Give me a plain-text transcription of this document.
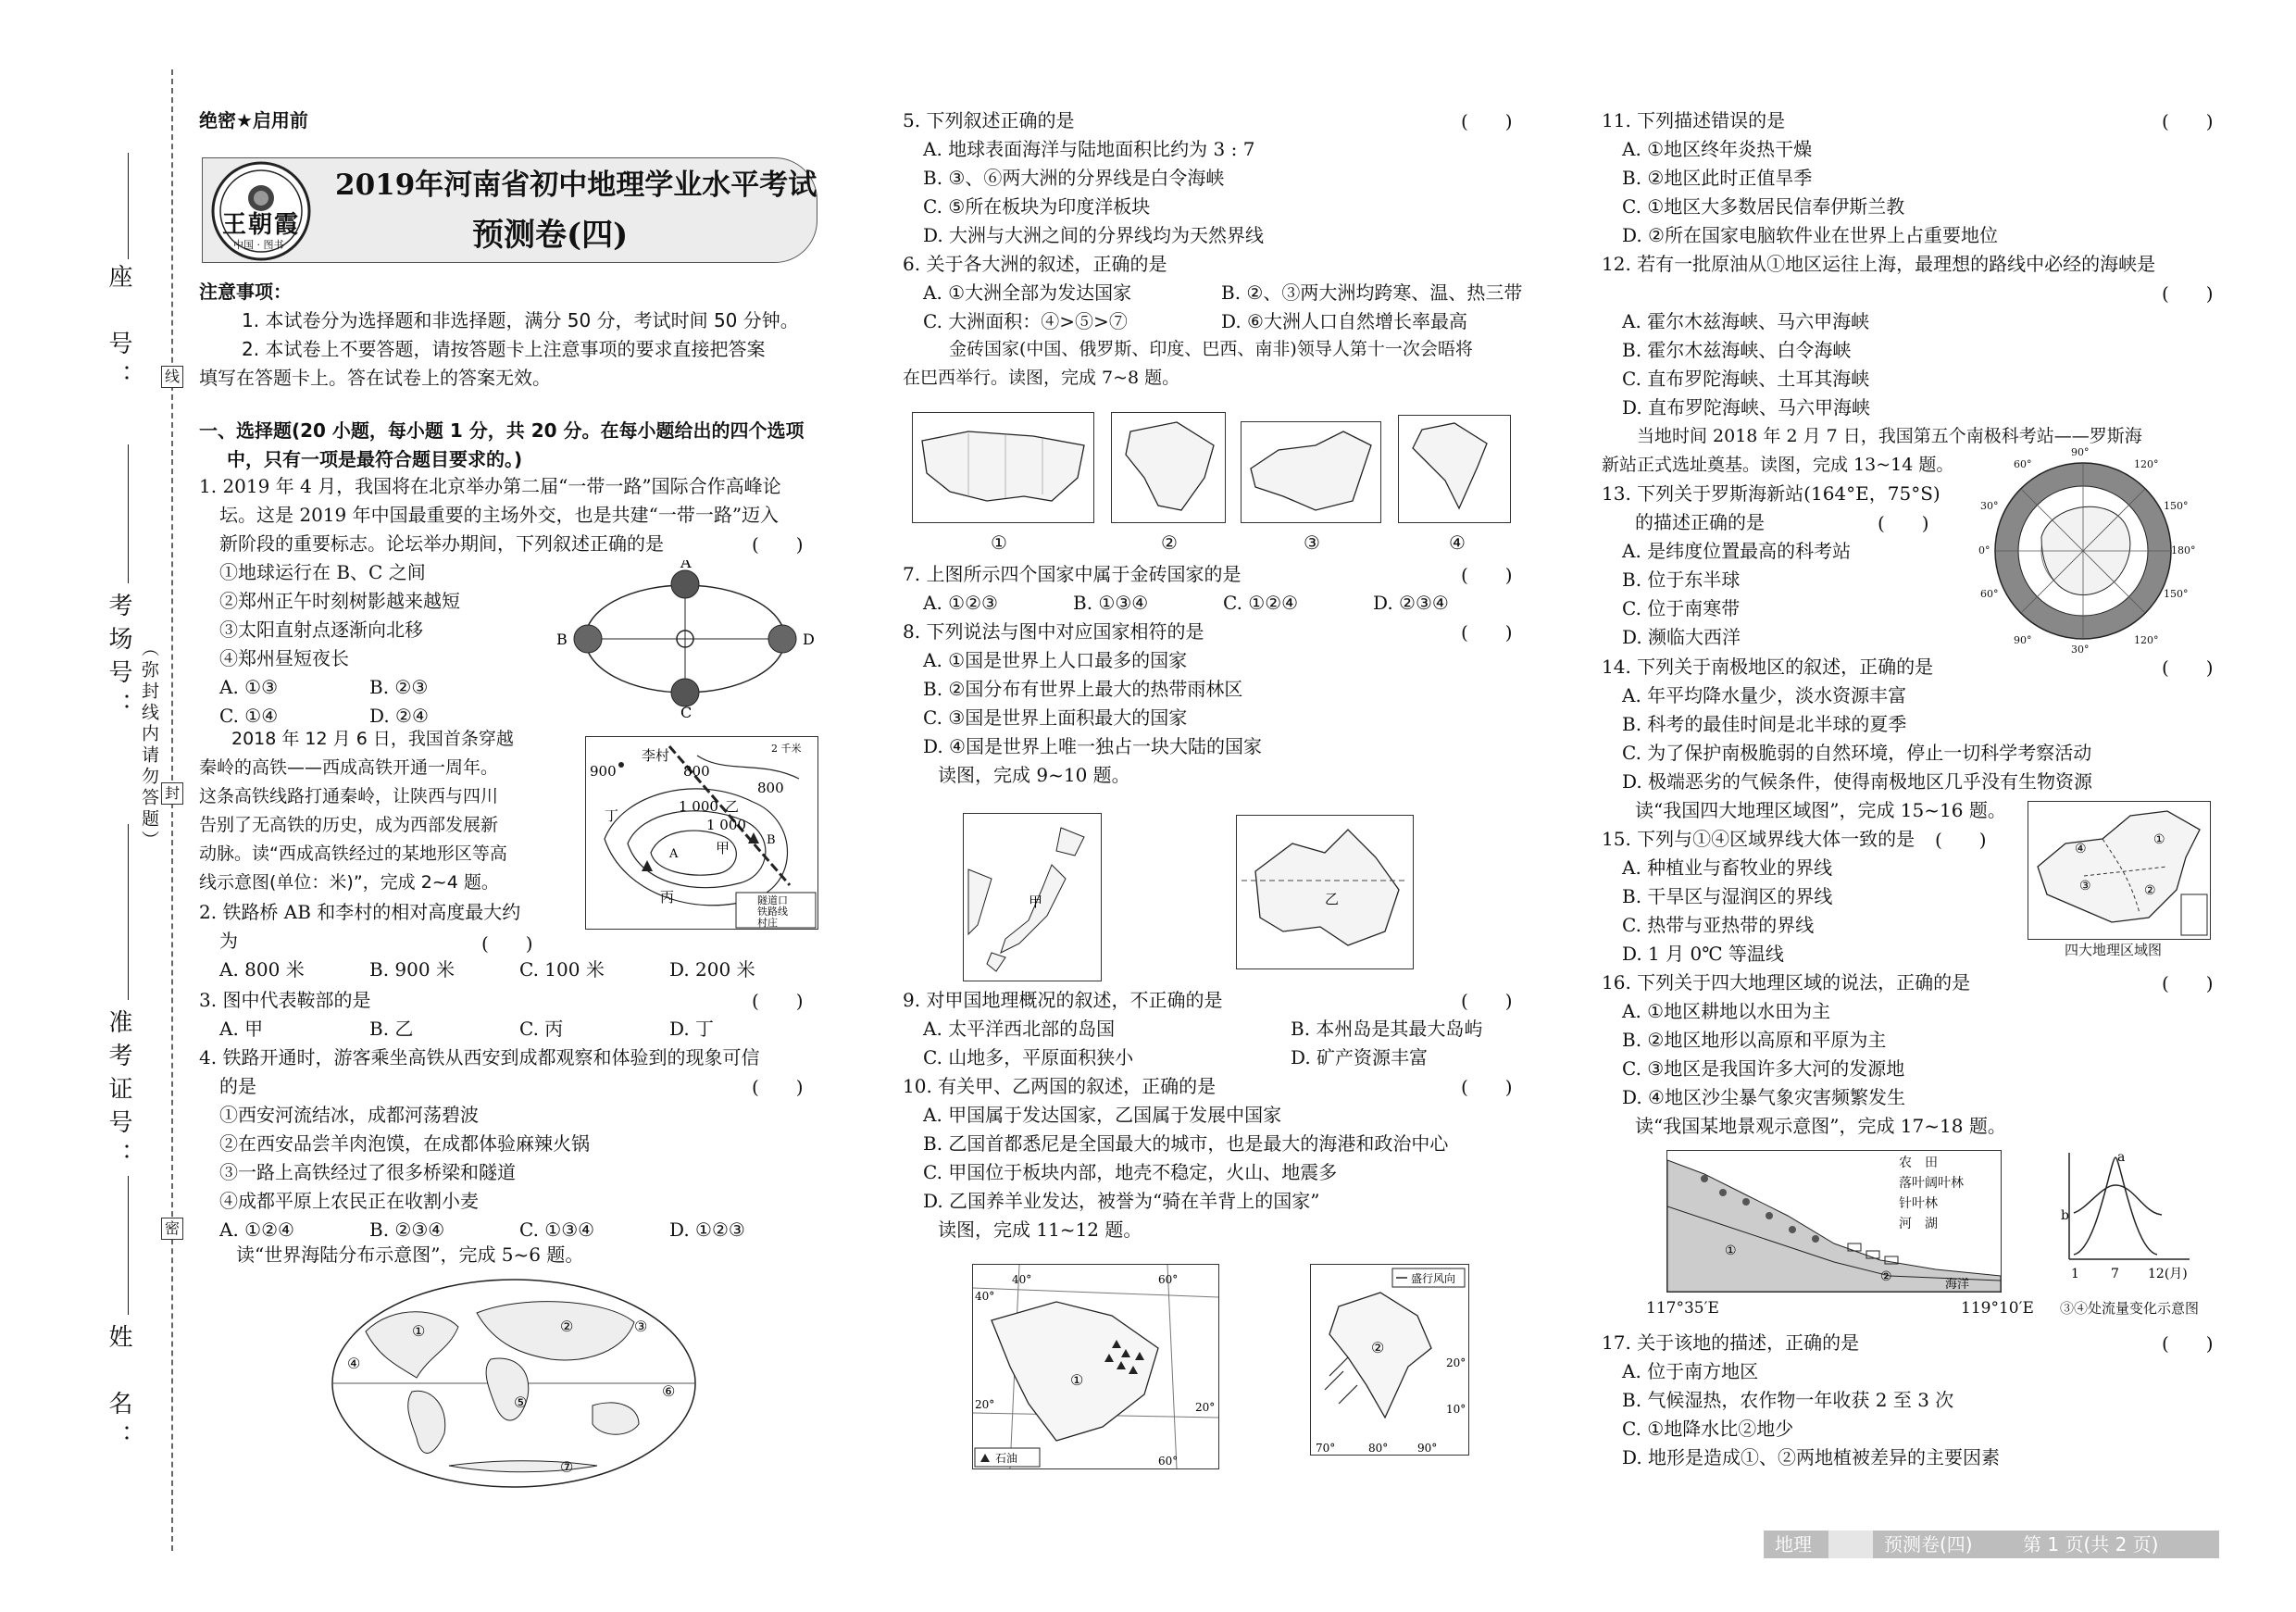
线
封
密
（弥封线内请勿答题）
座　号：
考场号：
准考证号：
姓　名：
绝密★启用前
王朝霞
中国 · 图书
2019年河南省初中地理学业水平考试
预测卷(四)
注意事项：
1. 本试卷分为选择题和非选择题，满分 50 分，考试时间 50 分钟。
2. 本试卷上不要答题，请按答题卡上注意事项的要求直接把答案
填写在答题卡上。答在试卷上的答案无效。
一、选择题(20 小题，每小题 1 分，共 20 分。在每小题给出的四个选项
中，只有一项是最符合题目要求的。)
1. 2019 年 4 月，我国将在北京举办第二届“一带一路”国际合作高峰论
坛。这是 2019 年中国最重要的主场外交，也是共建“一带一路”迈入
新阶段的重要标志。论坛举办期间，下列叙述正确的是
①地球运行在 B、C 之间
②郑州正午时刻树影越来越短
③太阳直射点逐渐向北移
④郑州昼短夜长
A. ①③	B. ②③
C. ①④	D. ②④
(　　)
A
B
C
D
2018 年 12 月 6 日，我国首条穿越
秦岭的高铁——西成高铁开通一周年。
这条高铁线路打通秦岭，让陕西与四川
告别了无高铁的历史，成为西部发展新
动脉。读“西成高铁经过的某地形区等高
线示意图(单位：米)”，完成 2~4 题。
李村
900	800
1 000
1 000
800
甲
乙
丙
丁
A
B
2 千米
隧道口
铁路线
村庄
2. 铁路桥 AB 和李村的相对高度最大约
为
A. 800 米	B. 900 米	C. 100 米	D. 200 米
(　　)
3. 图中代表鞍部的是
A. 甲	B. 乙	C. 丙	D. 丁
(　　)
4. 铁路开通时，游客乘坐高铁从西安到成都观察和体验到的现象可信
的是
①西安河流结冰，成都河荡碧波
②在西安品尝羊肉泡馍，在成都体验麻辣火锅
③一路上高铁经过了很多桥梁和隧道
④成都平原上农民正在收割小麦
A. ①②④	B. ②③④	C. ①③④	D. ①②③
(　　)
读“世界海陆分布示意图”，完成 5~6 题。
①	②	③
④
⑤
⑥
⑦
5. 下列叙述正确的是
A. 地球表面海洋与陆地面积比约为 3 : 7
B. ③、⑥两大洲的分界线是白令海峡
C. ⑤所在板块为印度洋板块
D. 大洲与大洲之间的分界线均为天然界线
(　　)
6. 关于各大洲的叙述，正确的是
A. ①大洲全部为发达国家	B. ②、③两大洲均跨寒、温、热三带
C. 大洲面积：④>⑤>⑦	D. ⑥大洲人口自然增长率最高
金砖国家(中国、俄罗斯、印度、巴西、南非)领导人第十一次会晤将
在巴西举行。读图，完成 7~8 题。
①	②	③	④
7. 上图所示四个国家中属于金砖国家的是
A. ①②③	B. ①③④	C. ①②④	D. ②③④
(　　)
8. 下列说法与图中对应国家相符的是
A. ①国是世界上人口最多的国家
B. ②国分布有世界上最大的热带雨林区
C. ③国是世界上面积最大的国家
D. ④国是世界上唯一独占一块大陆的国家
读图，完成 9~10 题。
(　　)
甲	乙
9. 对甲国地理概况的叙述，不正确的是
A. 太平洋西北部的岛国	B. 本州岛是其最大岛屿
C. 山地多，平原面积狭小	D. 矿产资源丰富
(　　)
10. 有关甲、乙两国的叙述，正确的是
A. 甲国属于发达国家，乙国属于发展中国家
B. 乙国首都悉尼是全国最大的城市，也是最大的海港和政治中心
C. 甲国位于板块内部，地壳不稳定，火山、地震多
D. 乙国养羊业发达，被誉为“骑在羊背上的国家”
读图，完成 11~12 题。
(　　)
①
40°	60°
40°
20°	20°
60°
石油
盛行风向
②
70°	80°	90°
20°
10°
11. 下列描述错误的是
A. ①地区终年炎热干燥
B. ②地区此时正值旱季
C. ①地区大多数居民信奉伊斯兰教
D. ②所在国家电脑软件业在世界上占重要地位
(　　)
12. 若有一批原油从①地区运往上海，最理想的路线中必经的海峡是
(　　)
A. 霍尔木兹海峡、马六甲海峡
B. 霍尔木兹海峡、白令海峡
C. 直布罗陀海峡、土耳其海峡
D. 直布罗陀海峡、马六甲海峡
当地时间 2018 年 2 月 7 日，我国第五个南极科考站——罗斯海
新站正式选址奠基。读图，完成 13~14 题。
13. 下列关于罗斯海新站(164°E，75°S)
的描述正确的是
A. 是纬度位置最高的科考站
B. 位于东半球
C. 位于南寒带
D. 濒临大西洋
(　　)
90°
120°
60°
150°
30°
0°	180°
60°	150°
90°	120°
30°
14. 下列关于南极地区的叙述，正确的是
A. 年平均降水量少，淡水资源丰富
B. 科考的最佳时间是北半球的夏季
C. 为了保护南极脆弱的自然环境，停止一切科学考察活动
D. 极端恶劣的气候条件，使得南极地区几乎没有生物资源
读“我国四大地理区域图”，完成 15~16 题。
(　　)
15. 下列与①④区域界线大体一致的是
A. 种植业与畜牧业的界线
B. 干旱区与湿润区的界线
C. 热带与亚热带的界线
D. 1 月 0℃ 等温线
(　　)	①
②
③
④
四大地理区域图
16. 下列关于四大地理区域的说法，正确的是
A. ①地区耕地以水田为主
B. ②地区地形以高原和平原为主
C. ③地区是我国许多大河的发源地
D. ④地区沙尘暴气象灾害频繁发生
读“我国某地景观示意图”，完成 17~18 题。
(　　)
①
②
海洋
农　田
落叶阔叶林
针叶林
河　湖
117°35′E	119°10′E
a
b
1 7 12(月)
③④处流量变化示意图
17. 关于该地的描述，正确的是
A. 位于南方地区
B. 气候湿热，农作物一年收获 2 至 3 次
C. ①地降水比②地少
D. 地形是造成①、②两地植被差异的主要因素
(　　)
地理	预测卷(四)	第 1 页(共 2 页)
